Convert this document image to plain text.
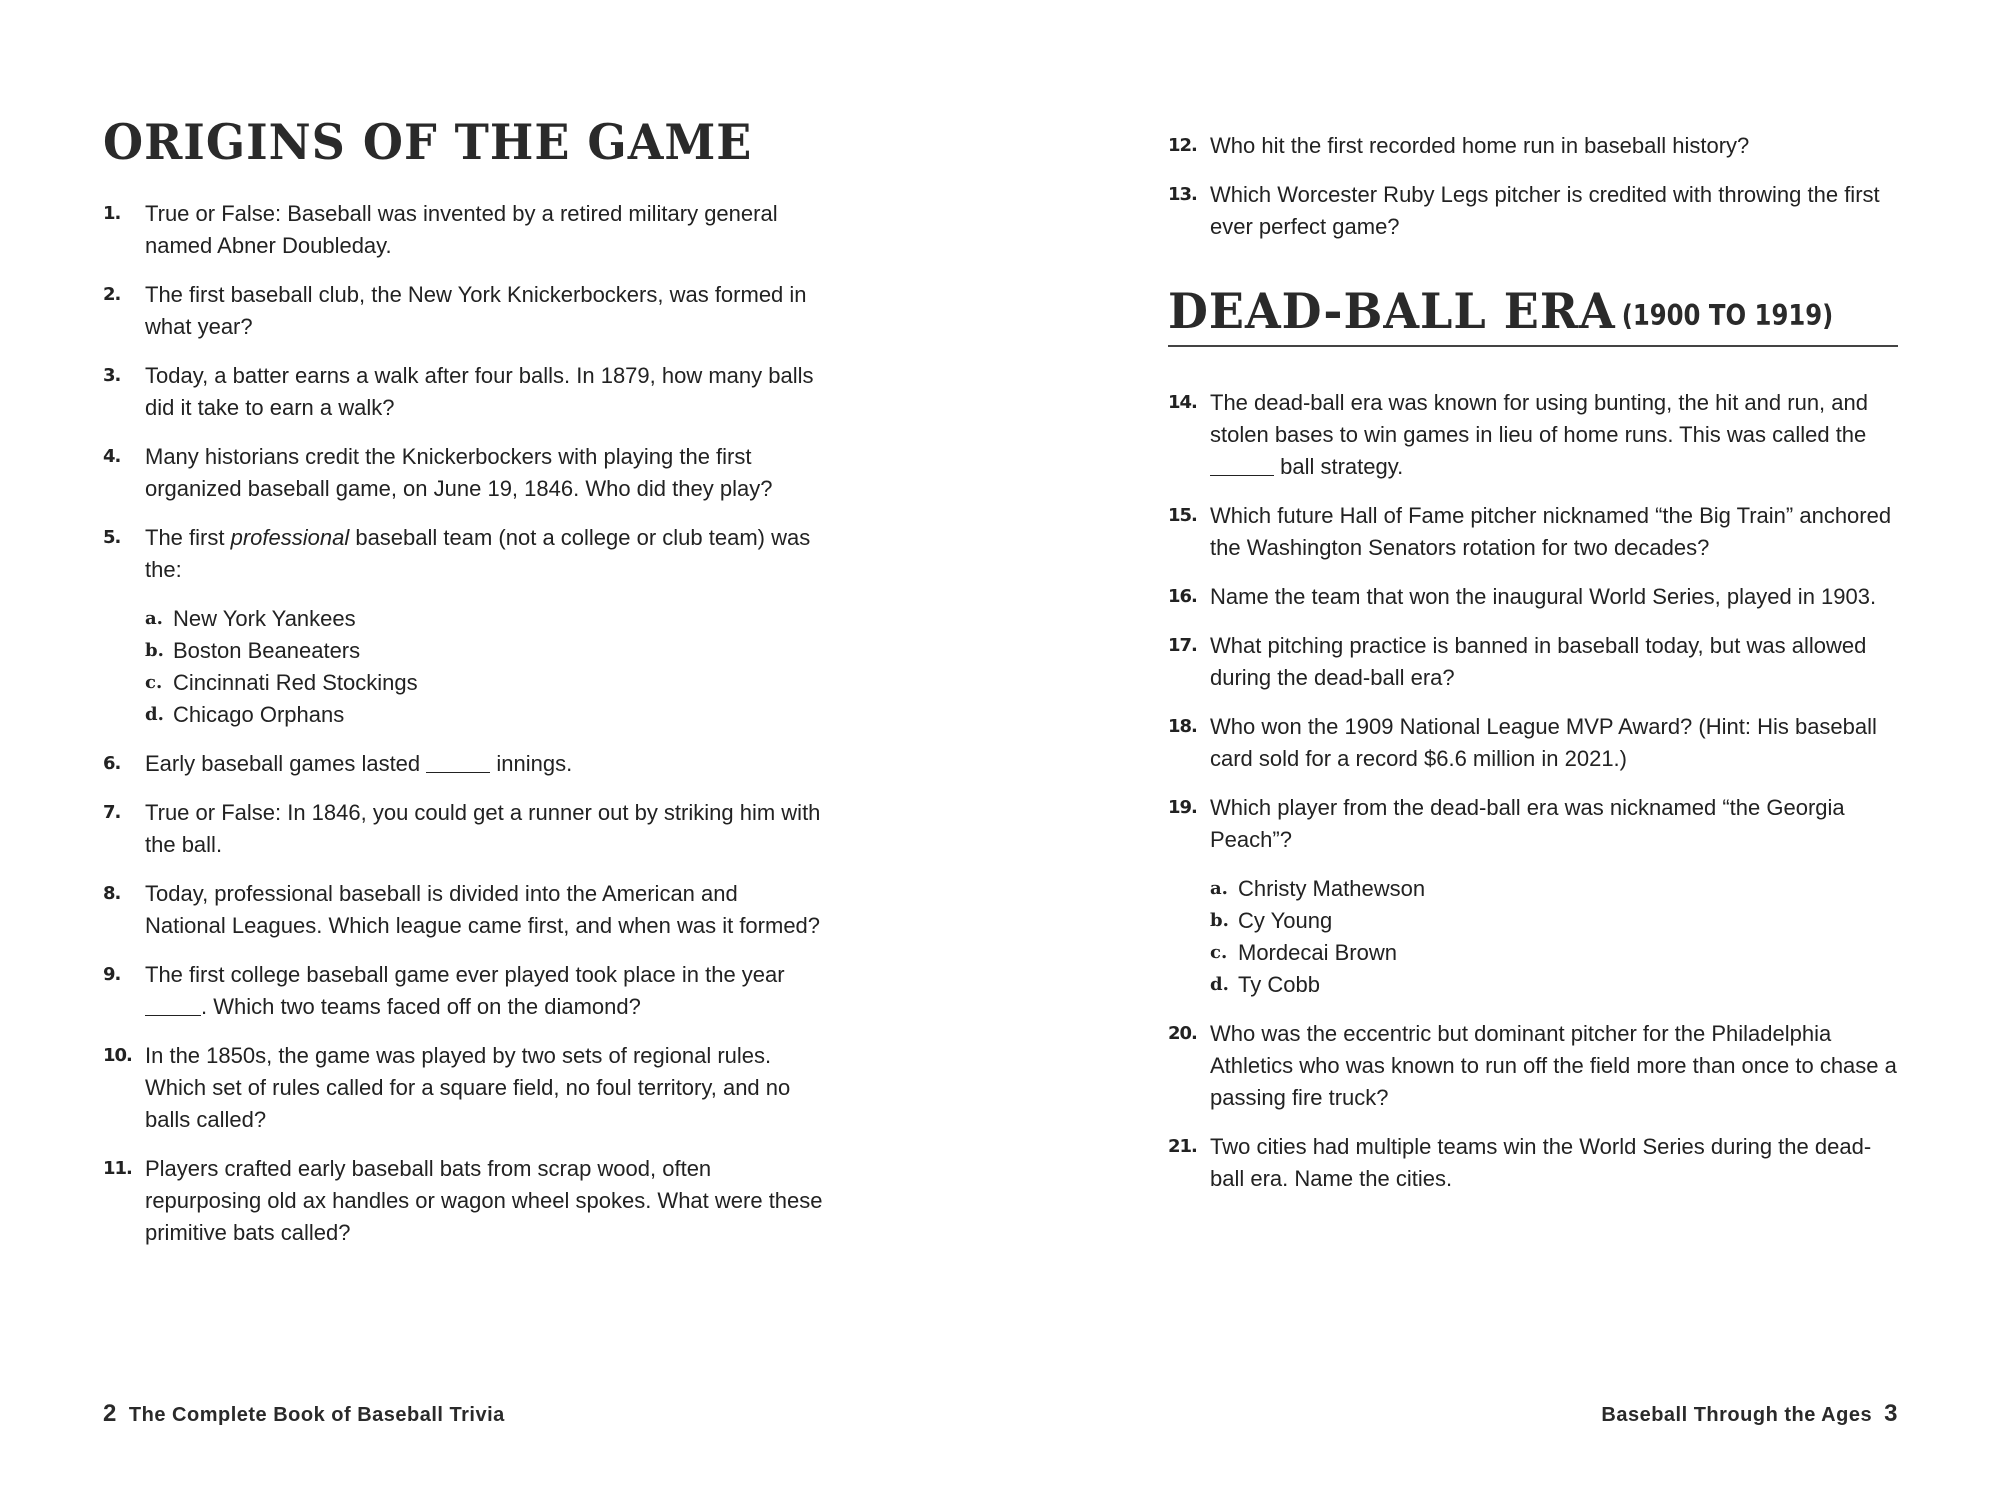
ORIGINS OF THE GAME
1. True or False: Baseball was invented by a retired military general named Abner Doubleday.
2. The first baseball club, the New York Knickerbockers, was formed in what year?
3. Today, a batter earns a walk after four balls. In 1879, how many balls did it take to earn a walk?
4. Many historians credit the Knickerbockers with playing the first organized baseball game, on June 19, 1846. Who did they play?
5. The first professional baseball team (not a college or club team) was the:
a. New York Yankees
b. Boston Beaneaters
c. Cincinnati Red Stockings
d. Chicago Orphans
6. Early baseball games lasted	innings.
7. True or False: In 1846, you could get a runner out by striking him with the ball.
8. Today, professional baseball is divided into the American and National Leagues. Which league came first, and when was it formed?
9. The first college baseball game ever played took place in the year . Which two teams faced off on the diamond?
10. In the 1850s, the game was played by two sets of regional rules. Which set of rules called for a square field, no foul territory, and no balls called?
11. Players crafted early baseball bats from scrap wood, often repurposing old ax handles or wagon wheel spokes. What were these primitive bats called?
2 The Complete Book of Baseball Trivia
12. Who hit the first recorded home run in baseball history?
13. Which Worcester Ruby Legs pitcher is credited with throwing the first ever perfect game?
DEAD-BALL ERA (1900 TO 1919)
14. The dead-ball era was known for using bunting, the hit and run, and stolen bases to win games in lieu of home runs. This was called the  ball strategy.
15. Which future Hall of Fame pitcher nicknamed “the Big Train” anchored the Washington Senators rotation for two decades?
16. Name the team that won the inaugural World Series, played in 1903.
17. What pitching practice is banned in baseball today, but was allowed during the dead-ball era?
18. Who won the 1909 National League MVP Award? (Hint: His baseball card sold for a record $6.6 million in 2021.)
19. Which player from the dead-ball era was nicknamed “the Georgia Peach”?
a. Christy Mathewson
b. Cy Young
c. Mordecai Brown
d. Ty Cobb
20. Who was the eccentric but dominant pitcher for the Philadelphia Athletics who was known to run off the field more than once to chase a passing fire truck?
21. Two cities had multiple teams win the World Series during the dead-ball era. Name the cities.
Baseball Through the Ages 3
